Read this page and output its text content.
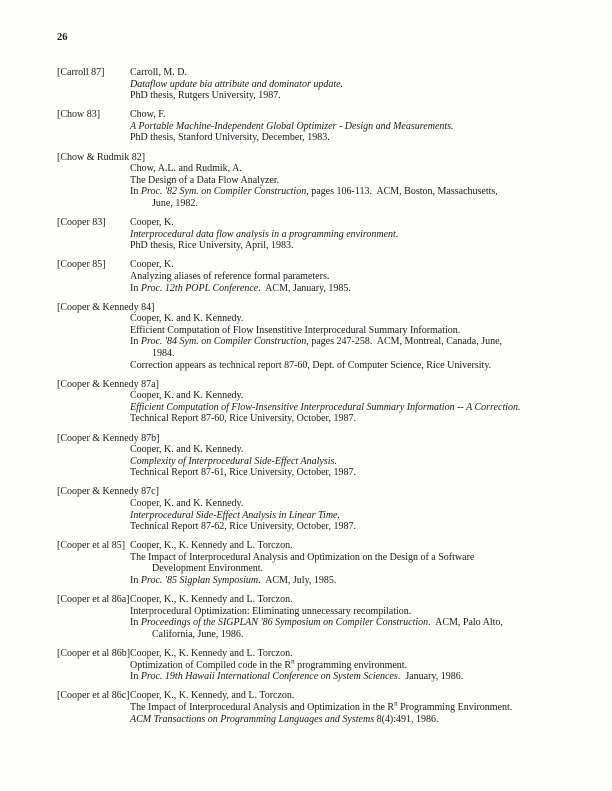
26
[Carroll 87]	Carroll, M. D.
Dataflow update bia attribute and dominator update.
PhD thesis, Rutgers University, 1987.
[Chow 83]	Chow, F.
A Portable Machine-Independent Global Optimizer - Design and Measurements.
PhD thesis, Stanford University, December, 1983.
[Chow & Rudmik 82]
Chow, A.L. and Rudmik, A.
The Design of a Data Flow Analyzer.
In Proc. '82 Sym. on Compiler Construction, pages 106-113.  ACM, Boston, Massachusetts,
June, 1982.
[Cooper 83] Cooper, K.
Interprocedural data flow analysis in a programming environment.
PhD thesis, Rice University, April, 1983.
[Cooper 85] Cooper, K.
Analyzing aliases of reference formal parameters.
In Proc. 12th POPL Conference.  ACM, January, 1985.
[Cooper & Kennedy 84]
Cooper, K. and K. Kennedy.
Efficient Computation of Flow Insenstitive Interprocedural Summary Information.
In Proc. '84 Sym. on Compiler Construction, pages 247-258.  ACM, Montreal, Canada, June,
1984.
Correction appears as technical report 87-60, Dept. of Computer Science, Rice University.
[Cooper & Kennedy 87a]
Cooper, K. and K. Kennedy.
Efficient Computation of Flow-Insensitive Interprocedural Summary Information -- A Correction.
Technical Report 87-60, Rice University, October, 1987.
[Cooper & Kennedy 87b]
Cooper, K. and K. Kennedy.
Complexity of Interprocedural Side-Effect Analysis.
Technical Report 87-61, Rice University, October, 1987.
[Cooper & Kennedy 87c]
Cooper, K. and K. Kennedy.
Interprocedural Side-Effect Analysis in Linear Time.
Technical Report 87-62, Rice University, October, 1987.
[Cooper et al 85] Cooper, K., K. Kennedy and L. Torczon.
The Impact of Interprocedural Analysis and Optimization on the Design of a Software
Development Environment.
In Proc. '85 Sigplan Symposium.  ACM, July, 1985.
[Cooper et al 86a] Cooper, K., K. Kennedy and L. Torczon.
Interprocedural Optimization: Eliminating unnecessary recompilation.
In Proceedings of the SIGPLAN '86 Symposium on Compiler Construction.  ACM, Palo Alto,
California, June, 1986.
[Cooper et al 86b] Cooper, K., K. Kennedy and L. Torczon.
Optimization of Compiled code in the $R^n$ programming environment.
In Proc. 19th Hawaii International Conference on System Sciences.  January, 1986.
[Cooper et al 86c] Cooper, K., K. Kennedy, and L. Torczon.
The Impact of Interprocedural Analysis and Optimization in the $R^n$ Programming Environment.
ACM Transactions on Programming Languages and Systems 8(4):491, 1986.
